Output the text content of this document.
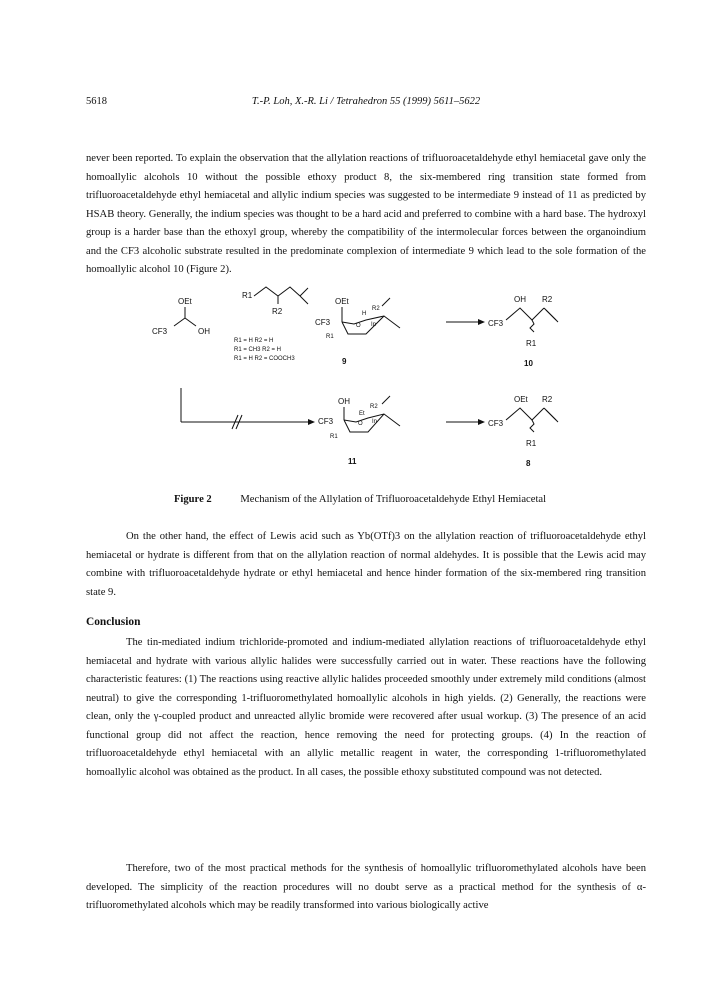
5618	T.-P. Loh, X.-R. Li / Tetrahedron 55 (1999) 5611–5622

never been reported. To explain the observation that the allylation reactions of trifluoroacetaldehyde ethyl hemiacetal gave only the homoallylic alcohols 10 without the possible ethoxy product 8, the six-membered ring transition state formed from trifluoroacetaldehyde ethyl hemiacetal and allylic indium species was suggested to be intermediate 9 instead of 11 as predicted by HSAB theory. Generally, the indium species was thought to be a hard acid and preferred to combine with a hard base. The hydroxyl group is a harder base than the ethoxyl group, whereby the compatibility of the intermolecular forces between the organoindium and the CF3 alcoholic substrate resulted in the predominate complexion of intermediate 9 which lead to the sole formation of the homoallylic alcohol 10 (Figure 2).

OEt
CF3	OH
R1
R2
R1 = H R2 = H
R1 = CH3 R2 = H
R1 = H R2 = COOCH3
OEt
CF3
H
R2
In
O
R1
9
OH R2
CF3
R1
10
OH
CF3
Et
R2
In
O
R1
11
OEt R2
CF3
R1
8
Figure 2	Mechanism of the Allylation of Trifluoroacetaldehyde Ethyl Hemiacetal

On the other hand, the effect of Lewis acid such as Yb(OTf)3 on the allylation reaction of trifluoroacetaldehyde ethyl hemiacetal or hydrate is different from that on the allylation reaction of normal aldehydes. It is possible that the Lewis acid may combine with trifluoroacetaldehyde hydrate or ethyl hemiacetal and hence hinder formation of the six-membered ring transition state 9.

Conclusion

The tin-mediated indium trichloride-promoted and indium-mediated allylation reactions of trifluoroacetaldehyde ethyl hemiacetal and hydrate with various allylic halides were successfully carried out in water. These reactions have the following characteristic features: (1) The reactions using reactive allylic halides proceeded smoothly under extremely mild conditions (almost neutral) to give the corresponding 1-trifluoromethylated homoallylic alcohols in high yields. (2) Generally, the reactions were clean, only the γ-coupled product and unreacted allylic bromide were recovered after usual workup. (3) The presence of an acid functional group did not affect the reaction, hence removing the need for protecting groups. (4) In the reaction of trifluoroacetaldehyde ethyl hemiacetal with an allylic metallic reagent in water, the corresponding 1-trifluoromethylated homoallylic alcohol was obtained as the product. In all cases, the possible ethoxy substituted compound was not detected.

Therefore, two of the most practical methods for the synthesis of homoallylic trifluoromethylated alcohols have been developed. The simplicity of the reaction procedures will no doubt serve as a practical method for the synthesis of α-trifluoromethylated alcohols which may be readily transformed into various biologically active
